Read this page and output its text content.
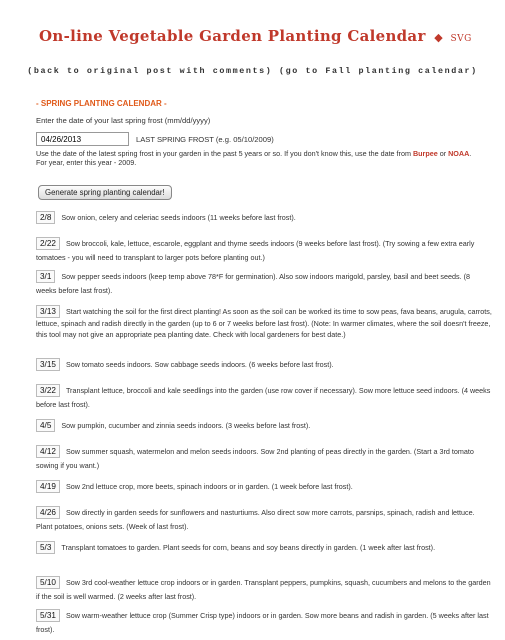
On-line Vegetable Garden Planting Calendar ◆ SVG
(back to original post with comments) (go to Fall planting calendar)
- SPRING PLANTING CALENDAR -
Enter the date of your last spring frost (mm/dd/yyyy)
04/26/2013
LAST SPRING FROST (e.g. 05/10/2009)
Use the date of the latest spring frost in your garden in the past 5 years or so. If you don't know this, use the date from Burpee or NOAA. For year, enter this year - 2009.
Generate spring planting calendar!
2/8 Sow onion, celery and celeriac seeds indoors (11 weeks before last frost).
2/22 Sow broccoli, kale, lettuce, escarole, eggplant and thyme seeds indoors (9 weeks before last frost). (Try sowing a few extra early tomatoes - you will need to transplant to larger pots before planting out.)
3/1 Sow pepper seeds indoors (keep temp above 78*F for germination). Also sow indoors marigold, parsley, basil and beet seeds. (8 weeks before last frost).
3/13 Start watching the soil for the first direct planting! As soon as the soil can be worked its time to sow peas, fava beans, arugula, carrots, lettuce, spinach and radish directly in the garden (up to 6 or 7 weeks before last frost). (Note: In warmer climates, where the soil doesn't freeze, this tool may not give an appropriate pea planting date. Check with local gardeners for best date.)
3/15 Sow tomato seeds indoors. Sow cabbage seeds indoors. (6 weeks before last frost).
3/22 Transplant lettuce, broccoli and kale seedlings into the garden (use row cover if necessary). Sow more lettuce seed indoors. (4 weeks before last frost).
4/5 Sow pumpkin, cucumber and zinnia seeds indoors. (3 weeks before last frost).
4/12 Sow summer squash, watermelon and melon seeds indoors. Sow 2nd planting of peas directly in the garden. (Start a 3rd tomato sowing if you want.)
4/19 Sow 2nd lettuce crop, more beets, spinach indoors or in garden. (1 week before last frost).
4/26 Sow directly in garden seeds for sunflowers and nasturtiums. Also direct sow more carrots, parsnips, spinach, radish and lettuce. Plant potatoes, onions sets. (Week of last frost).
5/3 Transplant tomatoes to garden. Plant seeds for corn, beans and soy beans directly in garden. (1 week after last frost).
5/10 Sow 3rd cool-weather lettuce crop indoors or in garden. Transplant peppers, pumpkins, squash, cucumbers and melons to the garden if the soil is well warmed. (2 weeks after last frost).
5/31 Sow warm-weather lettuce crop (Summer Crisp type) indoors or in garden. Sow more beans and radish in garden. (5 weeks after last frost).
